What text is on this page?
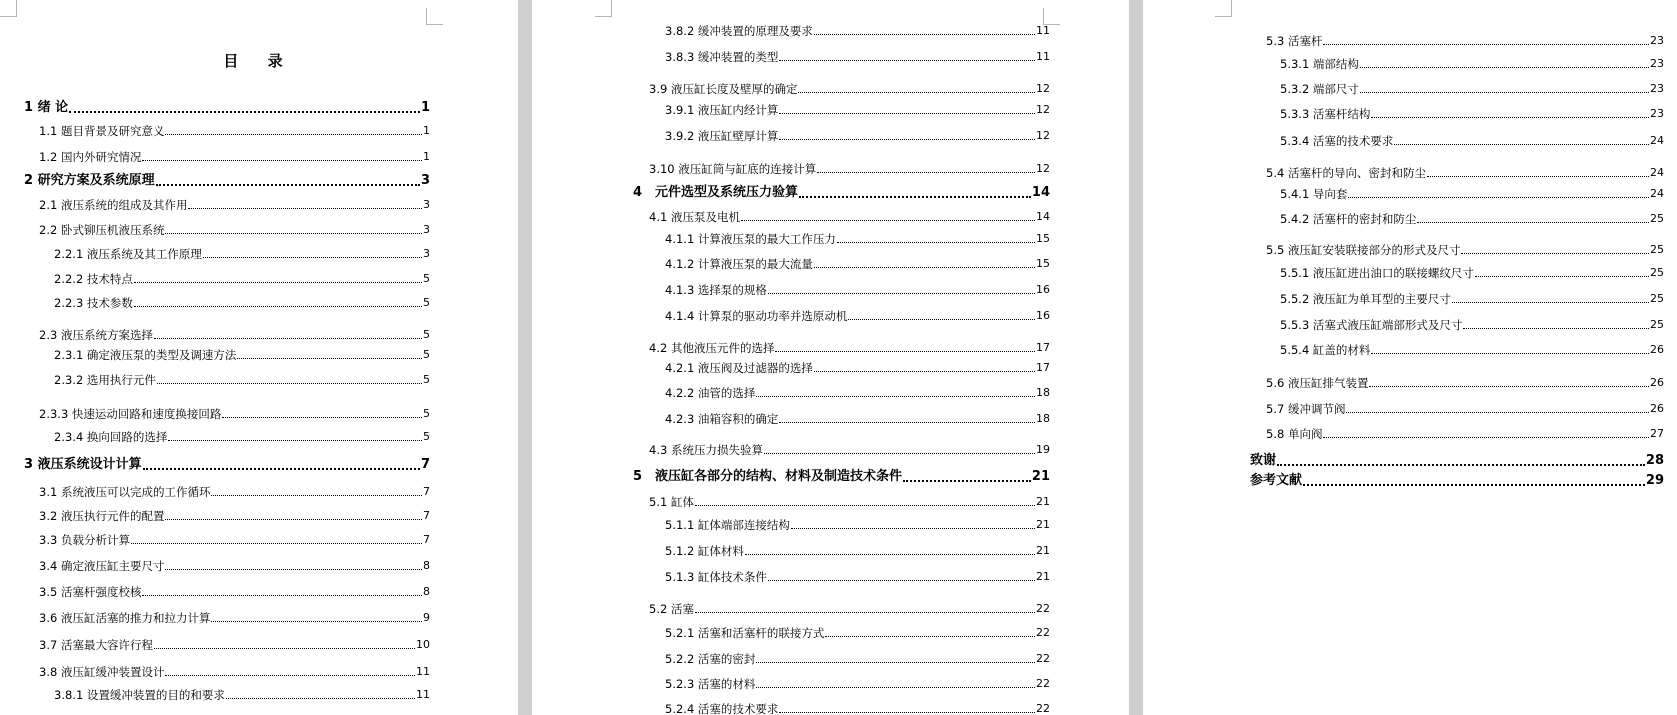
目 录
1 绪 论	1
1.1 题目背景及研究意义	1
1.2 国内外研究情况	1
2 研究方案及系统原理	3
2.1 液压系统的组成及其作用	3
2.2 卧式铆压机液压系统	3
2.2.1 液压系统及其工作原理	3
2.2.2 技术特点	5
2.2.3 技术参数	5
2.3 液压系统方案选择	5
2.3.1 确定液压泵的类型及调速方法	5
2.3.2 选用执行元件	5
2.3.3 快速运动回路和速度换接回路	5
2.3.4 换向回路的选择	5
3 液压系统设计计算	7
3.1 系统液压可以完成的工作循环	7
3.2 液压执行元件的配置	7
3.3 负载分析计算	7
3.4 确定液压缸主要尺寸	8
3.5 活塞杆强度校核	8
3.6 液压缸活塞的推力和拉力计算	9
3.7 活塞最大容许行程	10
3.8 液压缸缓冲装置设计	11
3.8.1 设置缓冲装置的目的和要求	11
3.8.2 缓冲装置的原理及要求	11
3.8.3 缓冲装置的类型	11
3.9 液压缸长度及壁厚的确定	12
3.9.1 液压缸内经计算	12
3.9.2 液压缸壁厚计算	12
3.10 液压缸筒与缸底的连接计算	12
4　元件选型及系统压力验算	14
4.1 液压泵及电机	14
4.1.1 计算液压泵的最大工作压力	15
4.1.2 计算液压泵的最大流量	15
4.1.3 选择泵的规格	16
4.1.4 计算泵的驱动功率并选原动机	16
4.2 其他液压元件的选择	17
4.2.1 液压阀及过滤器的选择	17
4.2.2 油管的选择	18
4.2.3 油箱容积的确定	18
4.3 系统压力损失验算	19
5　液压缸各部分的结构、材料及制造技术条件	21
5.1 缸体	21
5.1.1 缸体端部连接结构	21
5.1.2 缸体材料	21
5.1.3 缸体技术条件	21
5.2 活塞	22
5.2.1 活塞和活塞杆的联接方式	22
5.2.2 活塞的密封	22
5.2.3 活塞的材料	22
5.2.4 活塞的技术要求	22
5.3 活塞杆	23
5.3.1 端部结构	23
5.3.2 端部尺寸	23
5.3.3 活塞杆结构	23
5.3.4 活塞的技术要求	24
5.4 活塞杆的导向、密封和防尘	24
5.4.1 导向套	24
5.4.2 活塞杆的密封和防尘	25
5.5 液压缸安装联接部分的形式及尺寸	25
5.5.1 液压缸进出油口的联接螺纹尺寸	25
5.5.2 液压缸为单耳型的主要尺寸	25
5.5.3 活塞式液压缸端部形式及尺寸	25
5.5.4 缸盖的材料	26
5.6 液压缸排气装置	26
5.7 缓冲调节阀	26
5.8 单向阀	27
致谢	28
参考文献	29
